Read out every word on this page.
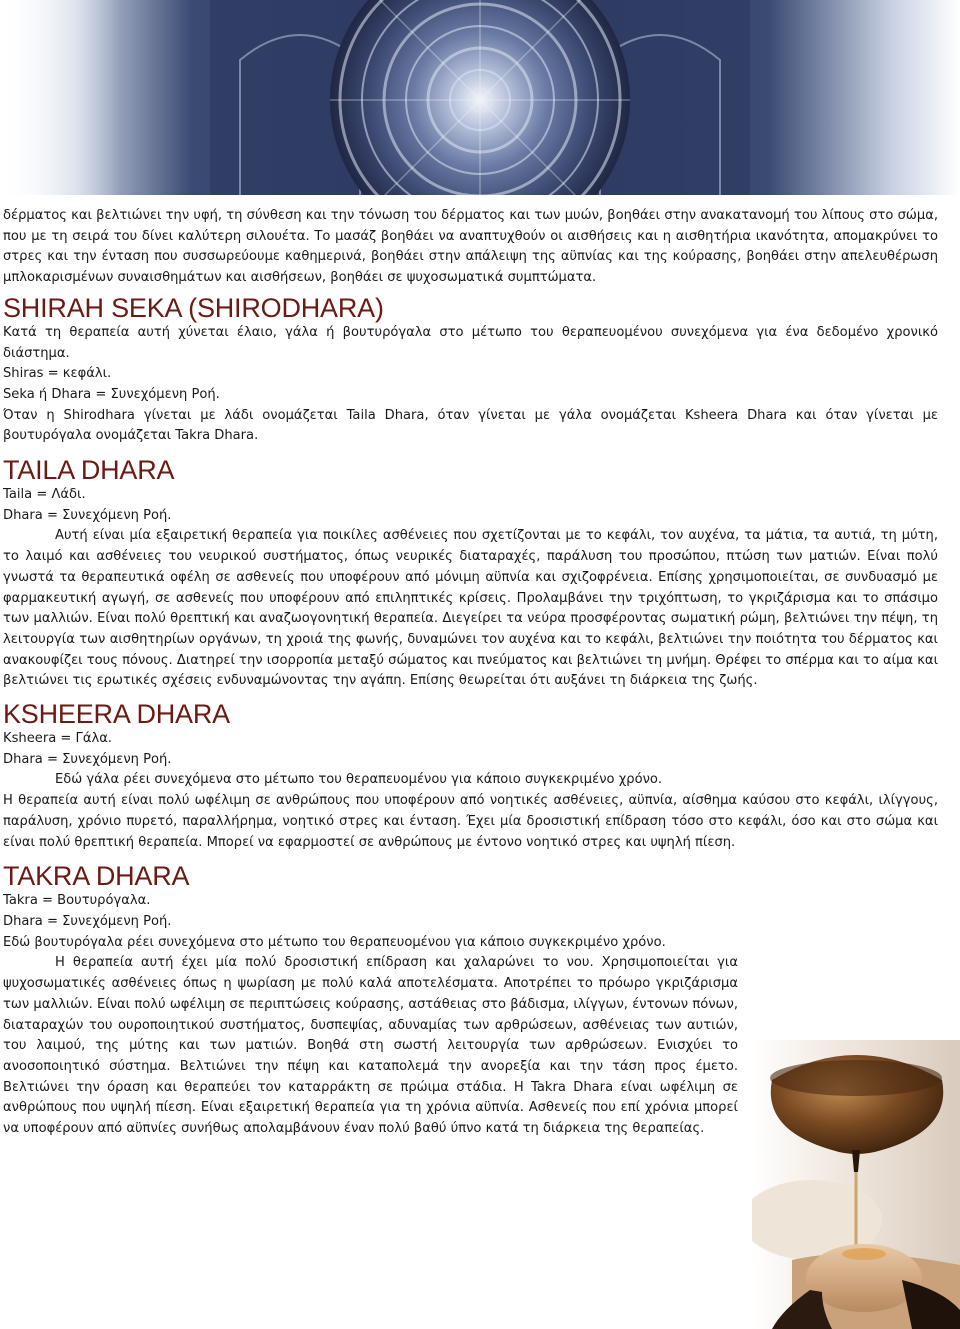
δέρματος και βελτιώνει την υφή, τη σύνθεση και την τόνωση του δέρματος και των μυών, βοηθάει στην ανακατανομή του λίπους στο σώμα, που με τη σειρά του δίνει καλύτερη σιλουέτα. Το μασάζ βοηθάει να αναπτυχθούν οι αισθήσεις και η αισθητήρια ικανότητα, απομακρύνει το στρες και την ένταση που συσσωρεύουμε καθημερινά, βοηθάει στην απάλειψη της αϋπνίας και της κούρασης, βοηθάει στην απελευθέρωση μπλοκαρισμένων συναισθημάτων και αισθήσεων, βοηθάει σε ψυχοσωματικά συμπτώματα.

SHIRAH SEKA (SHIRODHARA)

Κατά τη θεραπεία αυτή χύνεται έλαιο, γάλα ή βουτυρόγαλα στο μέτωπο του θεραπευομένου συνεχόμενα για ένα δεδομένο χρονικό διάστημα.

Shiras = κεφάλι.
Seka ή Dhara = Συνεχόμενη Ροή.

Όταν η Shirodhara γίνεται με λάδι ονομάζεται Taila Dhara, όταν γίνεται με γάλα ονομάζεται Ksheera Dhara και όταν γίνεται με βουτυρόγαλα ονομάζεται Takra Dhara.

TAILA DHARA
Taila = Λάδι.
Dhara = Συνεχόμενη Ροή.

Αυτή είναι μία εξαιρετική θεραπεία για ποικίλες ασθένειες που σχετίζονται με το κεφάλι, τον αυχένα, τα μάτια, τα αυτιά, τη μύτη, το λαιμό και ασθένειες του νευρικού συστήματος, όπως νευρικές διαταραχές, παράλυση του προσώπου, πτώση των ματιών. Είναι πολύ γνωστά τα θεραπευτικά οφέλη σε ασθενείς που υποφέρουν από μόνιμη αϋπνία και σχιζοφρένεια. Επίσης χρησιμοποιείται, σε συνδυασμό με φαρμακευτική αγωγή, σε ασθενείς που υποφέρουν από επιληπτικές κρίσεις. Προλαμβάνει την τριχόπτωση, το γκριζάρισμα και το σπάσιμο των μαλλιών. Είναι πολύ θρεπτική και αναζωογονητική θεραπεία. Διεγείρει τα νεύρα προσφέροντας σωματική ρώμη, βελτιώνει την πέψη, τη λειτουργία των αισθητηρίων οργάνων, τη χροιά της φωνής, δυναμώνει τον αυχένα και το κεφάλι, βελτιώνει την ποιότητα του δέρματος και ανακουφίζει τους πόνους. Διατηρεί την ισορροπία μεταξύ σώματος και πνεύματος και βελτιώνει τη μνήμη. Θρέφει το σπέρμα και το αίμα και βελτιώνει τις ερωτικές σχέσεις ενδυναμώνοντας την αγάπη. Επίσης θεωρείται ότι αυξάνει τη διάρκεια της ζωής.

KSHEERA DHARA
Ksheera = Γάλα.
Dhara = Συνεχόμενη Ροή.

Εδώ γάλα ρέει συνεχόμενα στο μέτωπο του θεραπευομένου για κάποιο συγκεκριμένο χρόνο.

Η θεραπεία αυτή είναι πολύ ωφέλιμη σε ανθρώπους που υποφέρουν από νοητικές ασθένειες, αϋπνία, αίσθημα καύσου στο κεφάλι, ιλίγγους, παράλυση, χρόνιο πυρετό, παραλλήρημα, νοητικό στρες και ένταση. Έχει μία δροσιστική επίδραση τόσο στο κεφάλι, όσο και στο σώμα και είναι πολύ θρεπτική θεραπεία. Μπορεί να εφαρμοστεί σε ανθρώπους με έντονο νοητικό στρες και υψηλή πίεση.

TAKRA DHARA
Takra = Βουτυρόγαλα.
Dhara = Συνεχόμενη Ροή.

Εδώ βουτυρόγαλα ρέει συνεχόμενα στο μέτωπο του θεραπευομένου για κάποιο συγκεκριμένο χρόνο.

Η θεραπεία αυτή έχει μία πολύ δροσιστική επίδραση και χαλαρώνει το νου. Χρησιμοποιείται για ψυχοσωματικές ασθένειες όπως η ψωρίαση με πολύ καλά αποτελέσματα. Αποτρέπει το πρόωρο γκριζάρισμα των μαλλιών. Είναι πολύ ωφέλιμη σε περιπτώσεις κούρασης, αστάθειας στο βάδισμα, ιλίγγων, έντονων πόνων, διαταραχών του ουροποιητικού συστήματος, δυσπεψίας, αδυναμίας των αρθρώσεων, ασθένειας των αυτιών, του λαιμού, της μύτης και των ματιών. Βοηθά στη σωστή λειτουργία των αρθρώσεων. Ενισχύει το ανοσοποιητικό σύστημα. Βελτιώνει την πέψη και καταπολεμά την ανορεξία και την τάση προς έμετο. Βελτιώνει την όραση και θεραπεύει τον καταρράκτη σε πρώιμα στάδια. Η Takra Dhara είναι ωφέλιμη σε ανθρώπους που υψηλή πίεση. Είναι εξαιρετική θεραπεία για τη χρόνια αϋπνία. Ασθενείς που επί χρόνια μπορεί να υποφέρουν από αϋπνίες συνήθως απολαμβάνουν έναν πολύ βαθύ ύπνο κατά τη διάρκεια της θεραπείας.
